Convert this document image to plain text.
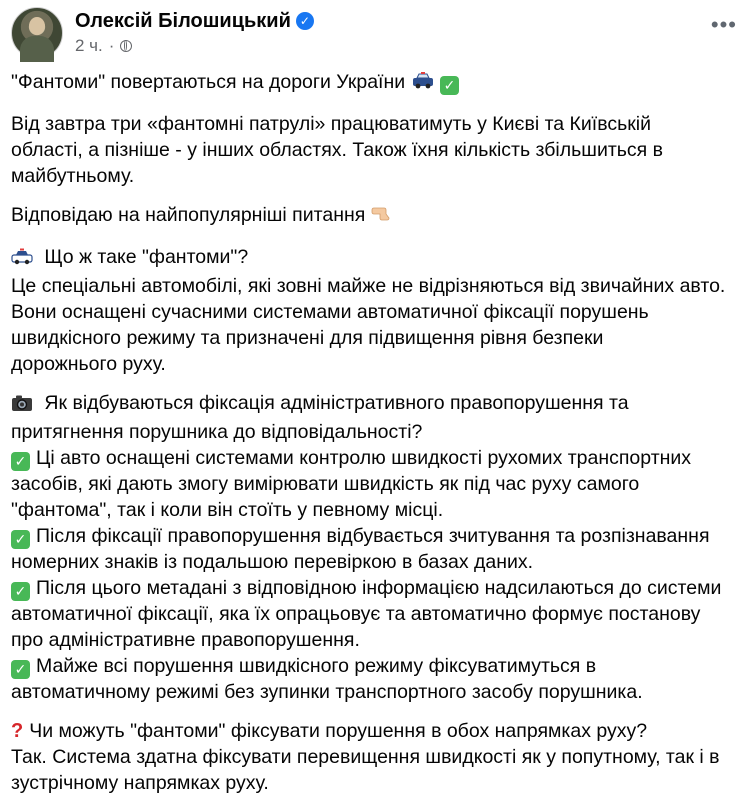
Олексій Білошицький ✓
2 ч. ·
•••

"Фантоми" повертаються на дороги України	✓

Від завтра три «фантомні патрулі» працюватимуть у Києві та Київській
області, а пізніше - у інших областях. Також їхня кількість збільшиться в
майбутньому.

Відповідаю на найпопулярніші питання

Що ж таке "фантоми"?
Це спеціальні автомобілі, які зовні майже не відрізняються від звичайних авто.
Вони оснащені сучасними системами автоматичної фіксації порушень
швидкісного режиму та призначені для підвищення рівня безпеки
дорожнього руху.

Як відбуваються фіксація адміністративного правопорушення та
притягнення порушника до відповідальності?
✓ Ці авто оснащені системами контролю швидкості рухомих транспортних
засобів, які дають змогу вимірювати швидкість як під час руху самого
"фантома", так і коли він стоїть у певному місці.
✓ Після фіксації правопорушення відбувається зчитування та розпізнавання
номерних знаків із подальшою перевіркою в базах даних.
✓ Після цього метадані з відповідною інформацією надсилаються до системи
автоматичної фіксації, яка їх опрацьовує та автоматично формує постанову
про адміністративне правопорушення.
✓ Майже всі порушення швидкісного режиму фіксуватимуться в
автоматичному режимі без зупинки транспортного засобу порушника.

? Чи можуть "фантоми" фіксувати порушення в обох напрямках руху?
Так. Система здатна фіксувати перевищення швидкості як у попутному, так і в
зустрічному напрямках руху.
